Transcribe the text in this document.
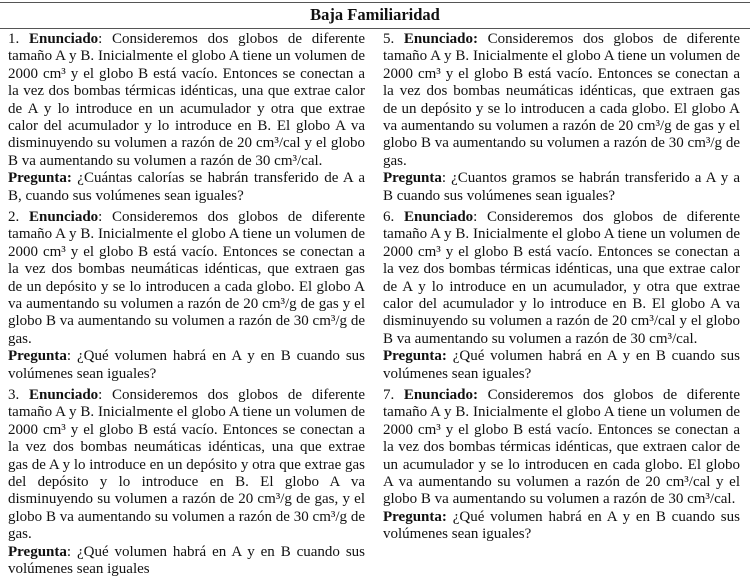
Baja Familiaridad

1. Enunciado: Consideremos dos globos de diferente tamaño A y B. Inicialmente el globo A tiene un volumen de 2000 cm³ y el globo B está vacío. Entonces se conectan a la vez dos bombas térmicas idénticas, una que extrae calor de A y lo introduce en un acumulador y otra que extrae calor del acumulador y lo introduce en B. El globo A va disminuyendo su volumen a razón de 20 cm³/cal y el globo B va aumentando su volumen a razón de 30 cm³/cal.
Pregunta: ¿Cuántas calorías se habrán transferido de A a B, cuando sus volúmenes sean iguales?

2. Enunciado: Consideremos dos globos de diferente tamaño A y B. Inicialmente el globo A tiene un volumen de 2000 cm³ y el globo B está vacío. Entonces se conectan a la vez dos bombas neumáticas idénticas, que extraen gas de un depósito y se lo introducen a cada globo. El globo A va aumentando su volumen a razón de 20 cm³/g de gas y el globo B va aumentando su volumen a razón de 30 cm³/g de gas.
Pregunta: ¿Qué volumen habrá en A y en B cuando sus volúmenes sean iguales?

3. Enunciado: Consideremos dos globos de diferente tamaño A y B. Inicialmente el globo A tiene un volumen de 2000 cm³ y el globo B está vacío. Entonces se conectan a la vez dos bombas neumáticas idénticas, una que extrae gas de A y lo introduce en un depósito y otra que extrae gas del depósito y lo introduce en B. El globo A va disminuyendo su volumen a razón de 20 cm³/g de gas, y el globo B va aumentando su volumen a razón de 30 cm³/g de gas.
Pregunta: ¿Qué volumen habrá en A y en B cuando sus volúmenes sean iguales

5. Enunciado: Consideremos dos globos de diferente tamaño A y B. Inicialmente el globo A tiene un volumen de 2000 cm³ y el globo B está vacío. Entonces se conectan a la vez dos bombas neumáticas idénticas, que extraen gas de un depósito y se lo introducen a cada globo. El globo A va aumentando su volumen a razón de 20 cm³/g de gas y el globo B va aumentando su volumen a razón de 30 cm³/g de gas.
Pregunta: ¿Cuantos gramos se habrán transferido a A y a B cuando sus volúmenes sean iguales?

6. Enunciado: Consideremos dos globos de diferente tamaño A y B. Inicialmente el globo A tiene un volumen de 2000 cm³ y el globo B está vacío. Entonces se conectan a la vez dos bombas térmicas idénticas, una que extrae calor de A y lo introduce en un acumulador, y otra que extrae calor del acumulador y lo introduce en B. El globo A va disminuyendo su volumen a razón de 20 cm³/cal y el globo B va aumentando su volumen a razón de 30 cm³/cal.
Pregunta: ¿Qué volumen habrá en A y en B cuando sus volúmenes sean iguales?

7. Enunciado: Consideremos dos globos de diferente tamaño A y B. Inicialmente el globo A tiene un volumen de 2000 cm³ y el globo B está vacío. Entonces se conectan a la vez dos bombas térmicas idénticas, que extraen calor de un acumulador y se lo introducen en cada globo. El globo A va aumentando su volumen a razón de 20 cm³/cal y el globo B va aumentando su volumen a razón de 30 cm³/cal.
Pregunta: ¿Qué volumen habrá en A y en B cuando sus volúmenes sean iguales?
